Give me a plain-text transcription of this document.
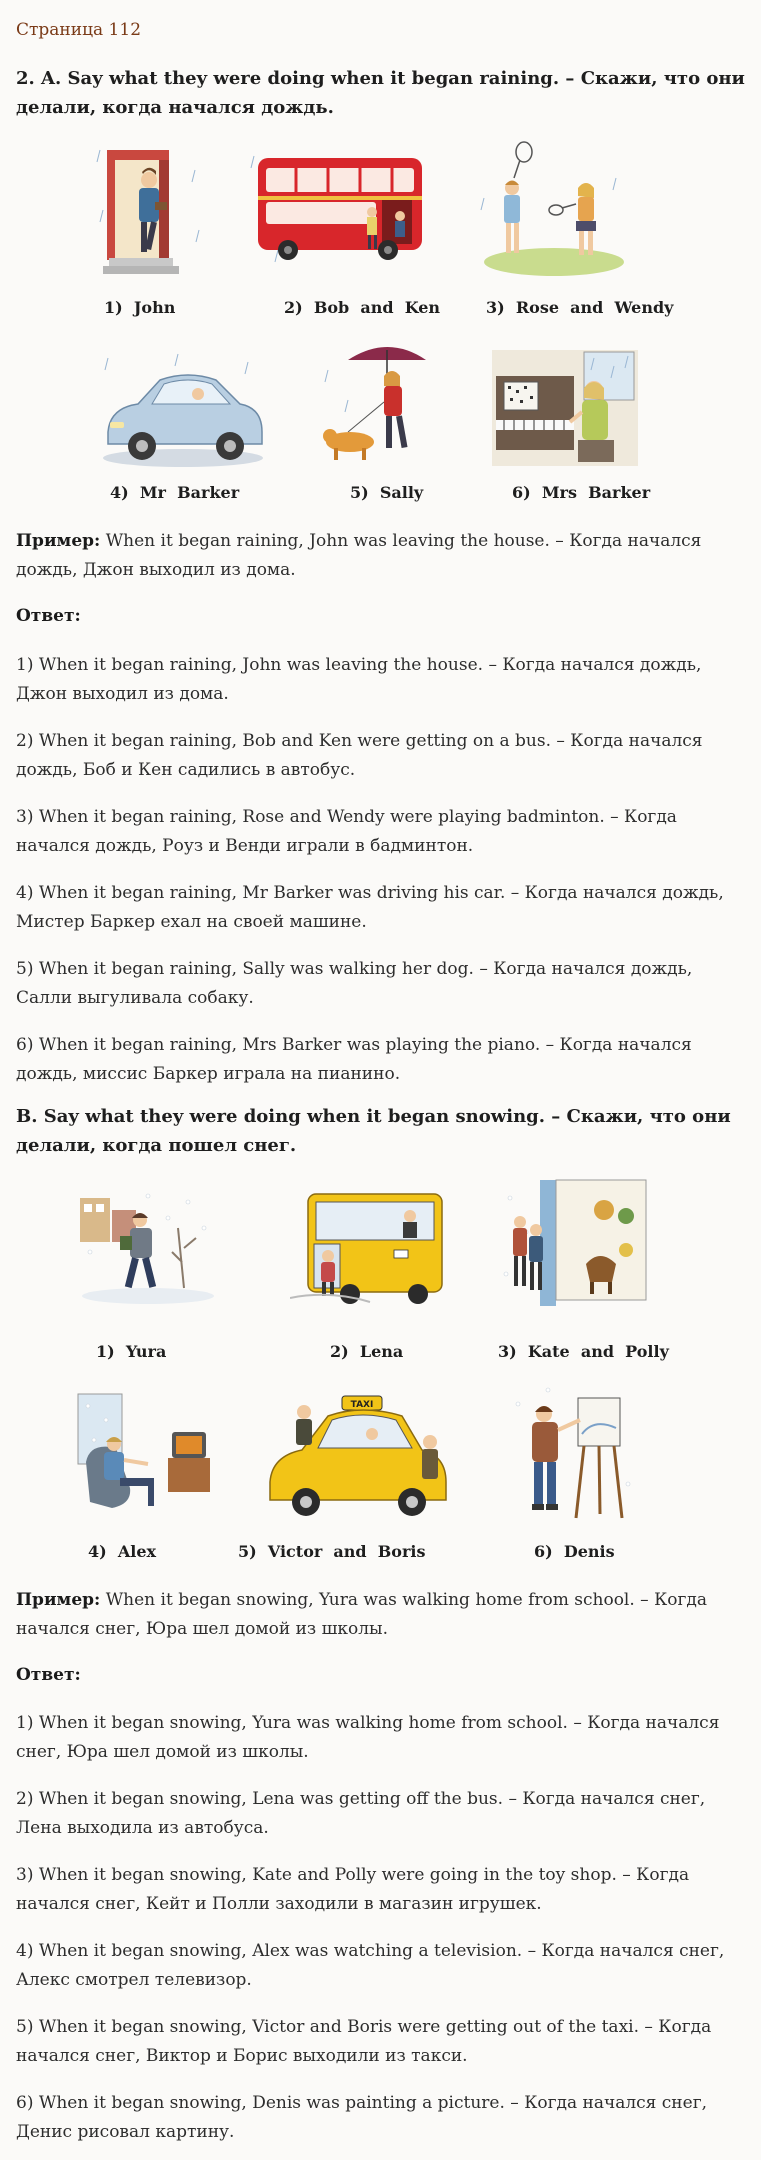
Страница 112
2. A. Say what they were doing when it began raining. – Скажи, что они делали, когда начался дождь.
1)  John	2)  Bob  and  Ken	3)  Rose  and  Wendy
4)  Mr  Barker	5)  Sally	6)  Mrs  Barker
Пример: When it began raining, John was leaving the house. – Когда начался дождь, Джон выходил из дома.
Ответ:
1) When it began raining, John was leaving the house. – Когда начался дождь, Джон выходил из дома.
2) When it began raining, Bob and Ken were getting on a bus. – Когда начался дождь, Боб и Кен садились в автобус.
3) When it began raining, Rose and Wendy were playing badminton. – Когда начался дождь, Роуз и Венди играли в бадминтон.
4) When it began raining, Mr Barker was driving his car. – Когда начался дождь, Мистер Баркер ехал на своей машине.
5) When it began raining, Sally was walking her dog. – Когда начался дождь, Салли выгуливала собаку.
6) When it began raining, Mrs Barker was playing the piano. – Когда начался дождь, миссис Баркер играла на пианино.
B. Say what they were doing when it began snowing. – Скажи, что они делали, когда пошел снег.
1)  Yura	2)  Lena	3)  Kate  and  Polly
TAXI
4)  Alex	5)  Victor  and  Boris	6)  Denis
Пример: When it began snowing, Yura was walking home from school. – Когда начался снег, Юра шел домой из школы.
Ответ:
1) When it began snowing, Yura was walking home from school. – Когда начался снег, Юра шел домой из школы.
2) When it began snowing, Lena was getting off the bus. – Когда начался снег, Лена выходила из автобуса.
3) When it began snowing, Kate and Polly were going in the toy shop. – Когда начался снег, Кейт и Полли заходили в магазин игрушек.
4) When it began snowing, Alex was watching a television. – Когда начался снег, Алекс смотрел телевизор.
5) When it began snowing, Victor and Boris were getting out of the taxi. – Когда начался снег, Виктор и Борис выходили из такси.
6) When it began snowing, Denis was painting a picture. – Когда начался снег, Денис рисовал картину.
